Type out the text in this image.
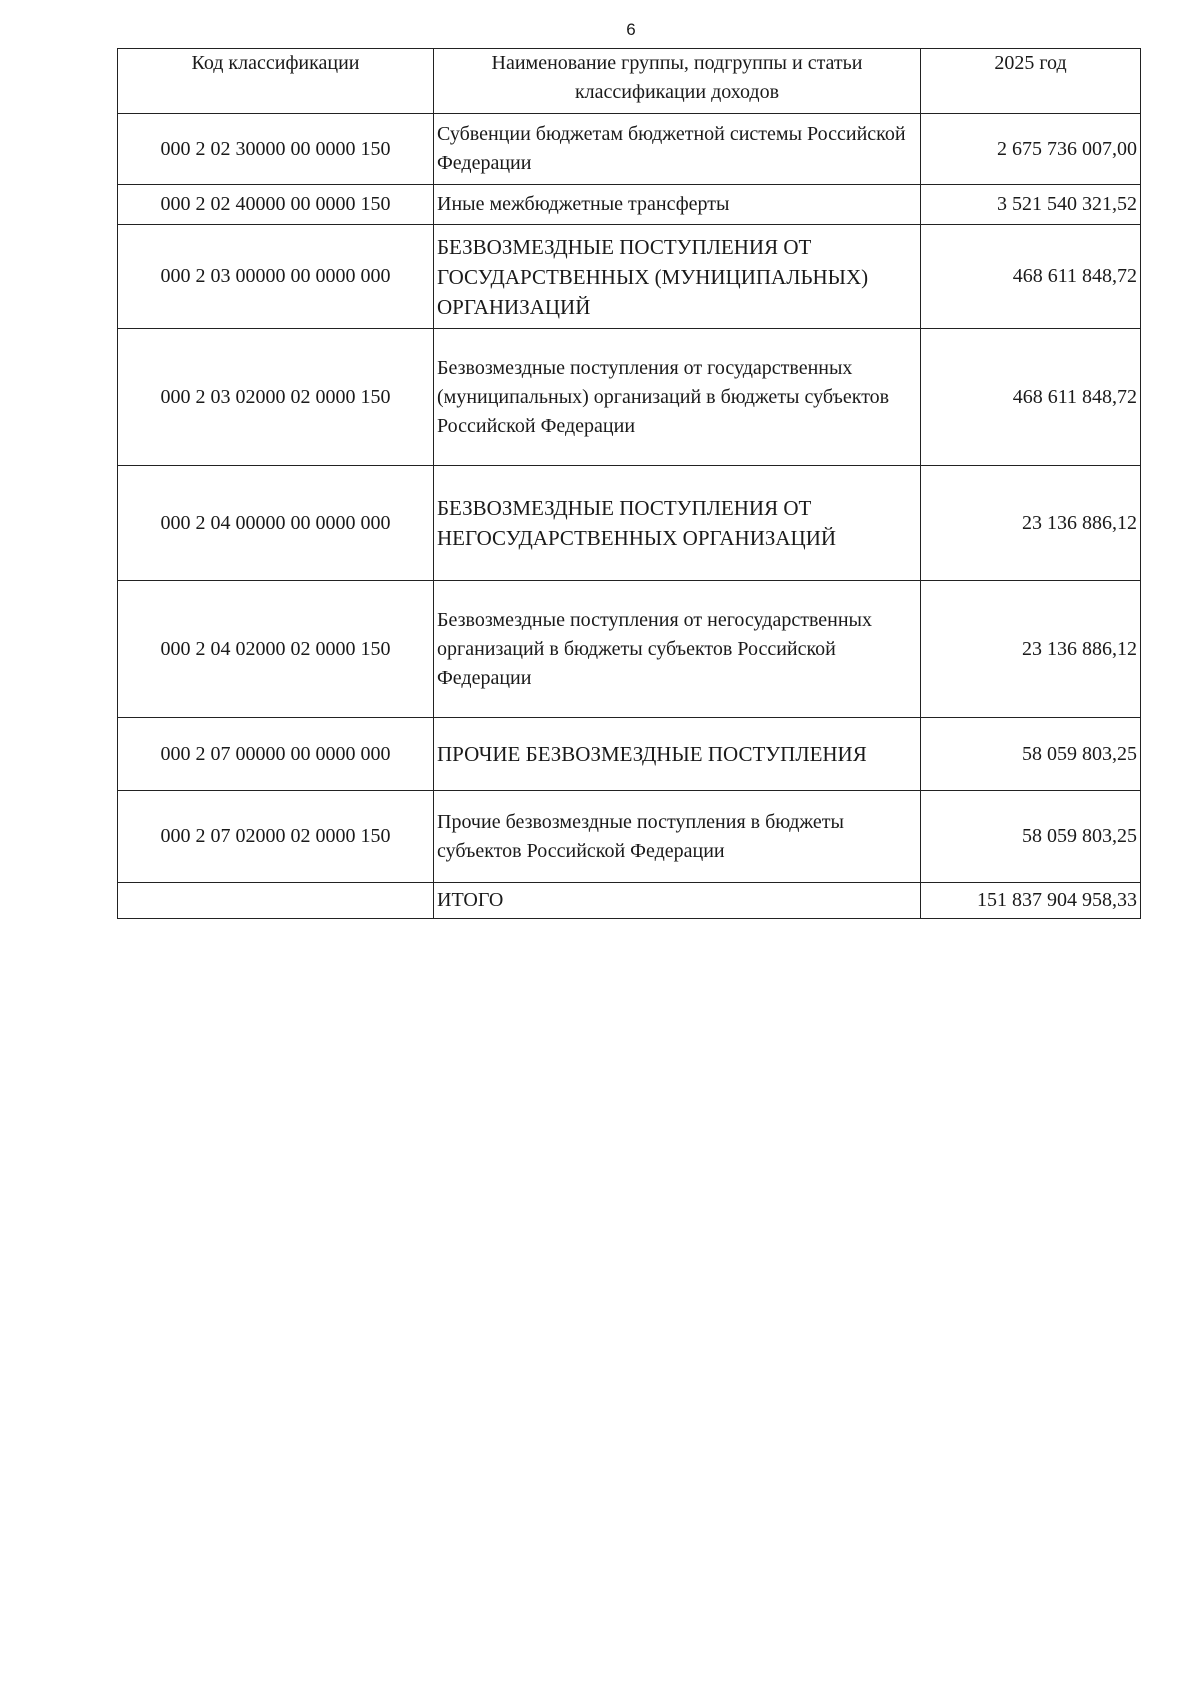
6
Код классификации	Наименование группы, подгруппы и статьи классификации доходов	2025 год
000 2 02 30000 00 0000 150	Субвенции бюджетам бюджетной системы Российской Федерации	2 675 736 007,00
000 2 02 40000 00 0000 150	Иные межбюджетные трансферты	3 521 540 321,52
000 2 03 00000 00 0000 000	БЕЗВОЗМЕЗДНЫЕ ПОСТУПЛЕНИЯ ОТ ГОСУДАРСТВЕННЫХ (МУНИЦИПАЛЬНЫХ) ОРГАНИЗАЦИЙ	468 611 848,72
000 2 03 02000 02 0000 150	Безвозмездные поступления от государственных (муниципальных) организаций в бюджеты субъектов Российской Федерации	468 611 848,72
000 2 04 00000 00 0000 000	БЕЗВОЗМЕЗДНЫЕ ПОСТУПЛЕНИЯ ОТ НЕГОСУДАРСТВЕННЫХ ОРГАНИЗАЦИЙ	23 136 886,12
000 2 04 02000 02 0000 150	Безвозмездные поступления от негосударственных организаций в бюджеты субъектов Российской Федерации	23 136 886,12
000 2 07 00000 00 0000 000	ПРОЧИЕ БЕЗВОЗМЕЗДНЫЕ ПОСТУПЛЕНИЯ	58 059 803,25
000 2 07 02000 02 0000 150	Прочие безвозмездные поступления в бюджеты субъектов Российской Федерации	58 059 803,25
	ИТОГО	151 837 904 958,33
